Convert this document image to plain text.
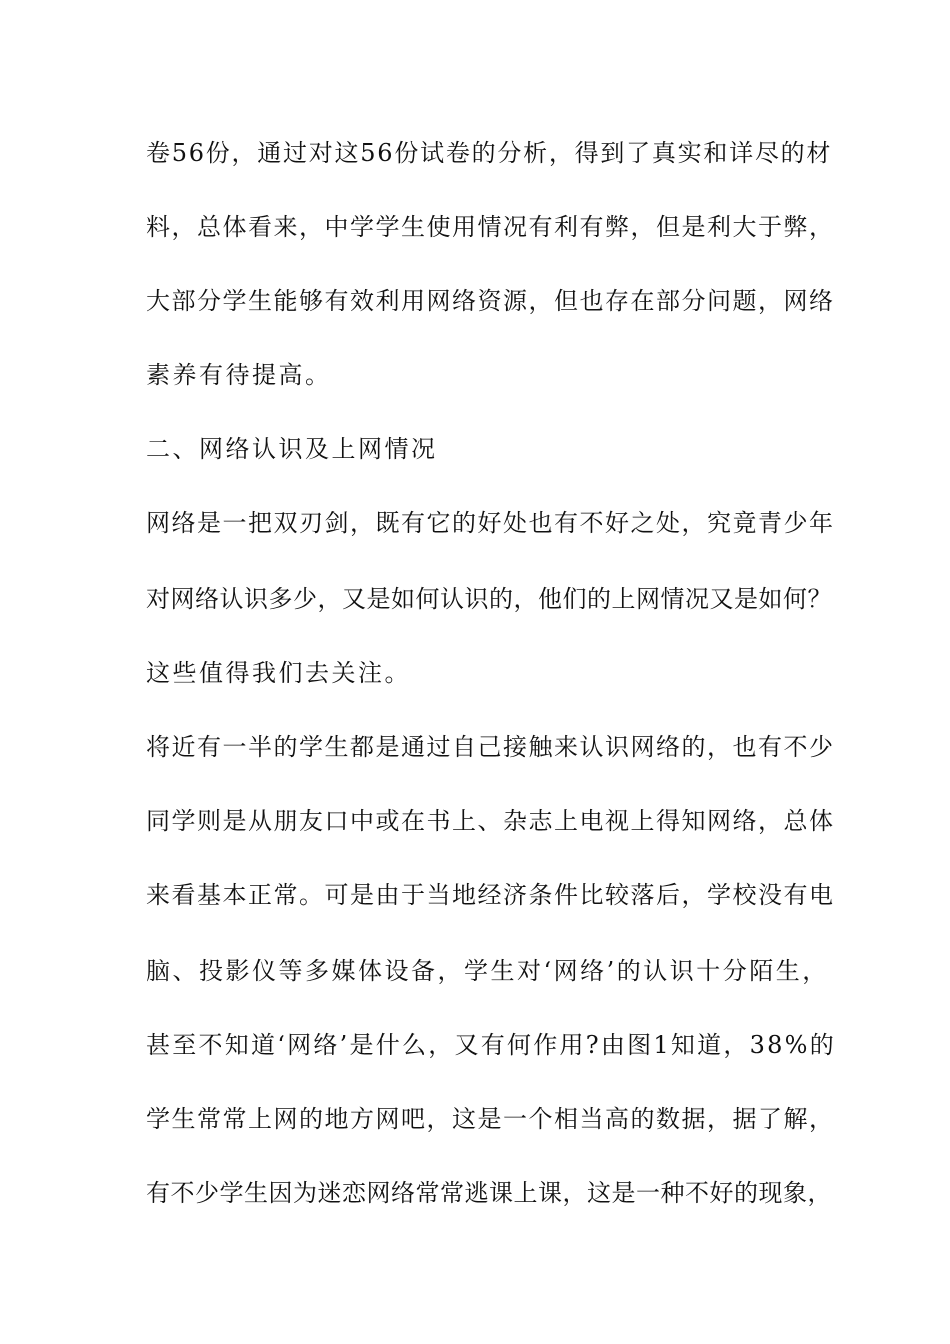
卷56份，通过对这56份试卷的分析，得到了真实和详尽的材
料，总体看来，中学学生使用情况有利有弊，但是利大于弊，
大部分学生能够有效利用网络资源，但也存在部分问题，网络
素养有待提高。
二、网络认识及上网情况
网络是一把双刃剑，既有它的好处也有不好之处，究竟青少年
对网络认识多少，又是如何认识的，他们的上网情况又是如何？
这些值得我们去关注。
将近有一半的学生都是通过自己接触来认识网络的，也有不少
同学则是从朋友口中或在书上、杂志上电视上得知网络，总体
来看基本正常。可是由于当地经济条件比较落后，学校没有电
脑、投影仪等多媒体设备，学生对‘网络’的认识十分陌生，
甚至不知道‘网络’是什么，又有何作用?由图1知道，38%的
学生常常上网的地方网吧，这是一个相当高的数据，据了解，
有不少学生因为迷恋网络常常逃课上课，这是一种不好的现象，
